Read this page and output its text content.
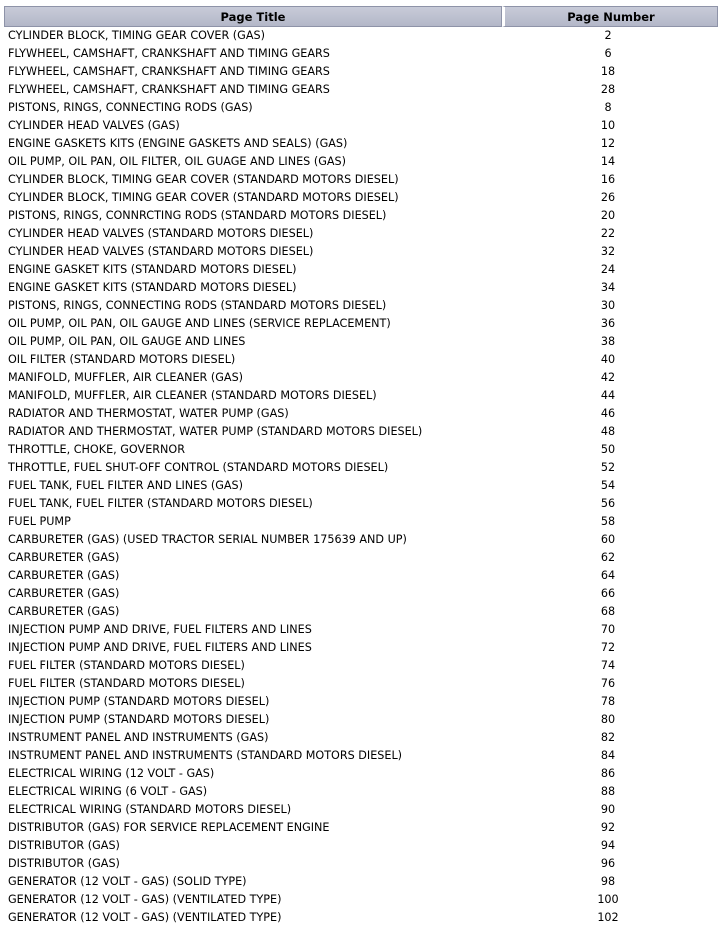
Page Title	Page Number
CYLINDER BLOCK, TIMING GEAR COVER (GAS)	2
FLYWHEEL, CAMSHAFT, CRANKSHAFT AND TIMING GEARS	6
FLYWHEEL, CAMSHAFT, CRANKSHAFT AND TIMING GEARS	18
FLYWHEEL, CAMSHAFT, CRANKSHAFT AND TIMING GEARS	28
PISTONS, RINGS, CONNECTING RODS (GAS)	8
CYLINDER HEAD VALVES (GAS)	10
ENGINE GASKETS KITS (ENGINE GASKETS AND SEALS) (GAS)	12
OIL PUMP, OIL PAN, OIL FILTER, OIL GUAGE AND LINES (GAS)	14
CYLINDER BLOCK, TIMING GEAR COVER (STANDARD MOTORS DIESEL)	16
CYLINDER BLOCK, TIMING GEAR COVER (STANDARD MOTORS DIESEL)	26
PISTONS, RINGS, CONNRCTING RODS (STANDARD MOTORS DIESEL)	20
CYLINDER HEAD VALVES (STANDARD MOTORS DIESEL)	22
CYLINDER HEAD VALVES (STANDARD MOTORS DIESEL)	32
ENGINE GASKET KITS (STANDARD MOTORS DIESEL)	24
ENGINE GASKET KITS (STANDARD MOTORS DIESEL)	34
PISTONS, RINGS, CONNECTING RODS (STANDARD MOTORS DIESEL)	30
OIL PUMP, OIL PAN, OIL GAUGE AND LINES (SERVICE REPLACEMENT)	36
OIL PUMP, OIL PAN, OIL GAUGE AND LINES	38
OIL FILTER (STANDARD MOTORS DIESEL)	40
MANIFOLD, MUFFLER, AIR CLEANER (GAS)	42
MANIFOLD, MUFFLER, AIR CLEANER (STANDARD MOTORS DIESEL)	44
RADIATOR AND THERMOSTAT, WATER PUMP (GAS)	46
RADIATOR AND THERMOSTAT, WATER PUMP (STANDARD MOTORS DIESEL)	48
THROTTLE, CHOKE, GOVERNOR	50
THROTTLE, FUEL SHUT-OFF CONTROL (STANDARD MOTORS DIESEL)	52
FUEL TANK, FUEL FILTER AND LINES (GAS)	54
FUEL TANK, FUEL FILTER (STANDARD MOTORS DIESEL)	56
FUEL PUMP	58
CARBURETER (GAS) (USED TRACTOR SERIAL NUMBER 175639 AND UP)	60
CARBURETER (GAS)	62
CARBURETER (GAS)	64
CARBURETER (GAS)	66
CARBURETER (GAS)	68
INJECTION PUMP AND DRIVE, FUEL FILTERS AND LINES	70
INJECTION PUMP AND DRIVE, FUEL FILTERS AND LINES	72
FUEL FILTER (STANDARD MOTORS DIESEL)	74
FUEL FILTER (STANDARD MOTORS DIESEL)	76
INJECTION PUMP (STANDARD MOTORS DIESEL)	78
INJECTION PUMP (STANDARD MOTORS DIESEL)	80
INSTRUMENT PANEL AND INSTRUMENTS (GAS)	82
INSTRUMENT PANEL AND INSTRUMENTS (STANDARD MOTORS DIESEL)	84
ELECTRICAL WIRING (12 VOLT - GAS)	86
ELECTRICAL WIRING (6 VOLT - GAS)	88
ELECTRICAL WIRING (STANDARD MOTORS DIESEL)	90
DISTRIBUTOR (GAS) FOR SERVICE REPLACEMENT ENGINE	92
DISTRIBUTOR (GAS)	94
DISTRIBUTOR (GAS)	96
GENERATOR (12 VOLT - GAS) (SOLID TYPE)	98
GENERATOR (12 VOLT - GAS) (VENTILATED TYPE)	100
GENERATOR (12 VOLT - GAS) (VENTILATED TYPE)	102
